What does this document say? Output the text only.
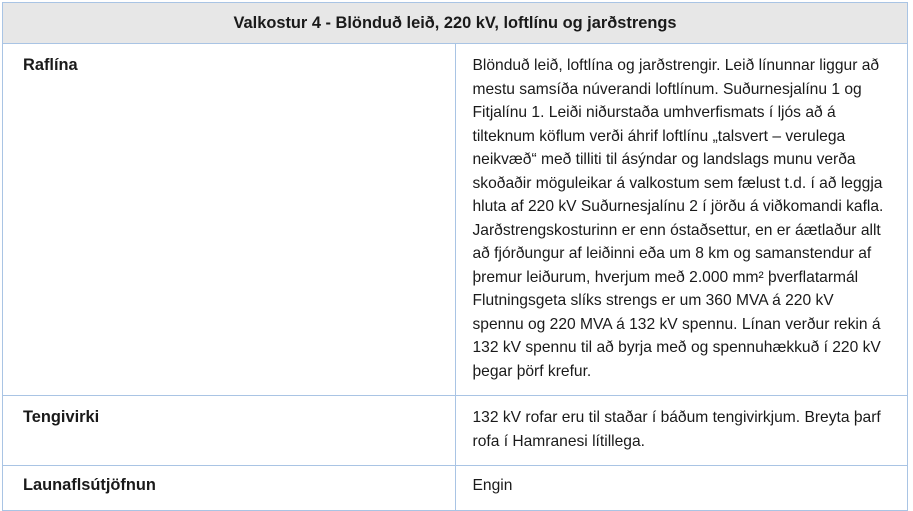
Valkostur 4 - Blönduð leið, 220 kV, loftlínu og jarðstrengs	
Raflína	Blönduð leið, loftlína og jarðstrengir. Leið línunnar liggur að mestu samsíða núverandi loftlínum. Suðurnesjalínu 1 og Fitjalínu 1. Leiði niðurstaða umhverfismats í ljós að á tilteknum köflum verði áhrif loftlínu „talsvert – verulega neikvæð“ með tilliti til ásýndar og landslags munu verða skoðaðir möguleikar á valkostum sem fælust t.d. í að leggja hluta af 220 kV Suðurnesjalínu 2 í jörðu á viðkomandi kafla. Jarðstrengskosturinn er enn óstaðsettur, en er áætlaður allt að fjórðungur af leiðinni eða um 8 km og samanstendur af þremur leiðurum, hverjum með 2.000 mm² þverflatarmál Flutningsgeta slíks strengs er um 360 MVA á 220 kV spennu og 220 MVA á 132 kV spennu. Línan verður rekin á 132 kV spennu til að byrja með og spennuhækkuð í 220 kV þegar þörf krefur.
Tengivirki	132 kV rofar eru til staðar í báðum tengivirkjum. Breyta þarf rofa í Hamranesi lítillega.
Launaflsútjöfnun	Engin
